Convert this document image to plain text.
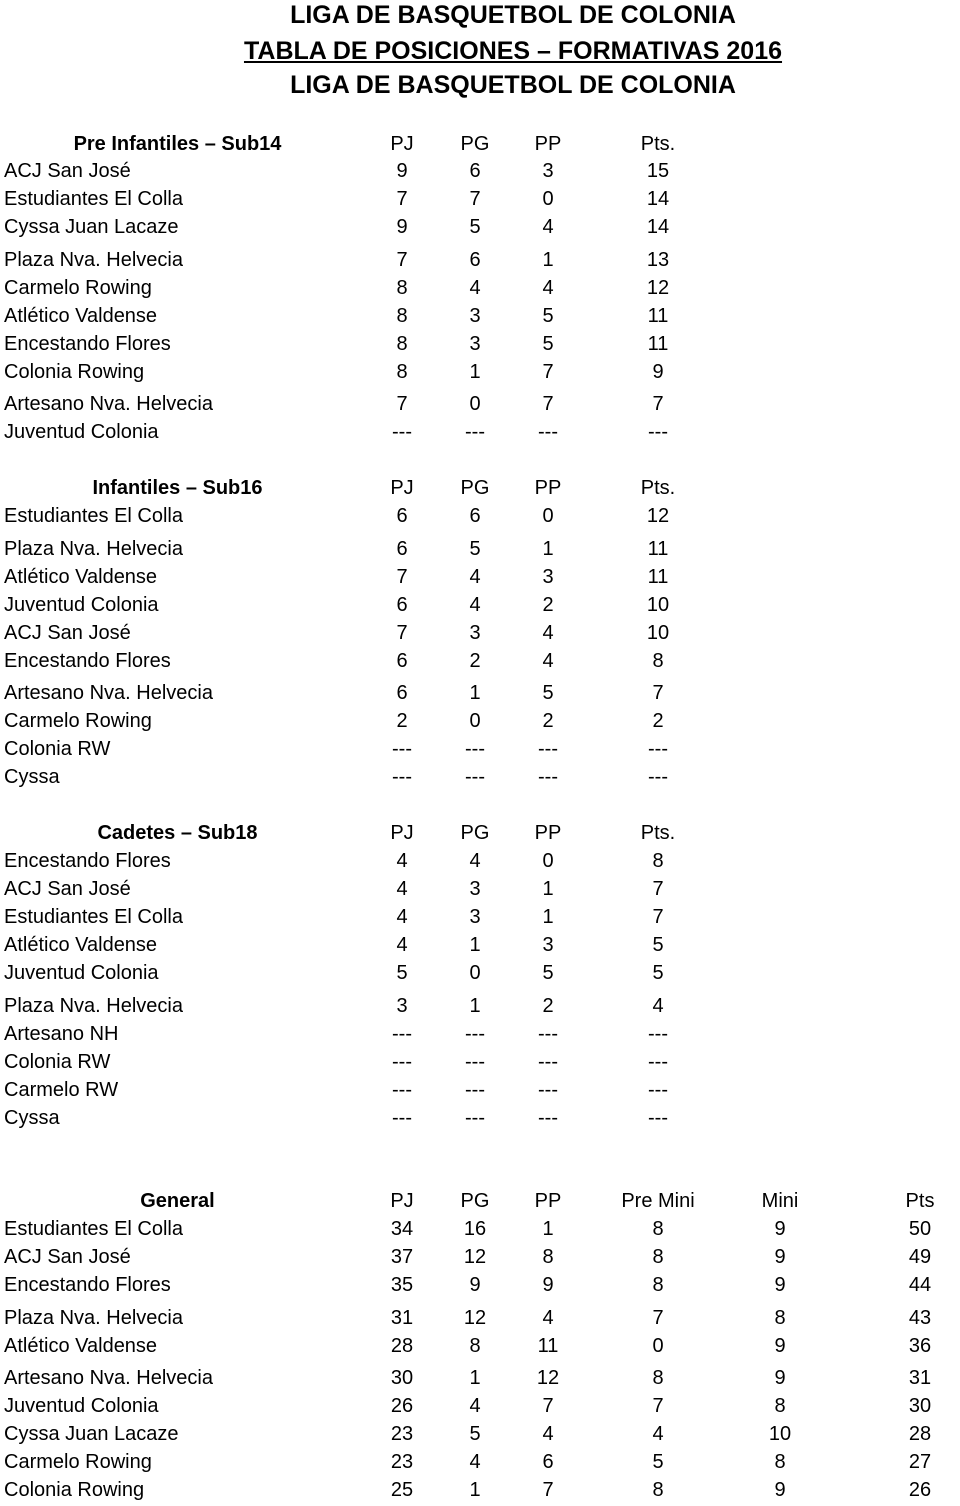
LIGA DE BASQUETBOL DE COLONIA
TABLA DE POSICIONES – FORMATIVAS 2016
LIGA DE BASQUETBOL DE COLONIA
Pre Infantiles – Sub14	PJ	PG	PP	Pts.
ACJ San José	9	6	3	15
Estudiantes El Colla	7	7	0	14
Cyssa Juan Lacaze	9	5	4	14
Plaza Nva. Helvecia	7	6	1	13
Carmelo Rowing	8	4	4	12
Atlético Valdense	8	3	5	11
Encestando Flores	8	3	5	11
Colonia Rowing	8	1	7	9
Artesano Nva. Helvecia	7	0	7	7
Juventud Colonia	---	---	---	---
Infantiles – Sub16	PJ	PG	PP	Pts.
Estudiantes El Colla	6	6	0	12
Plaza Nva. Helvecia	6	5	1	11
Atlético Valdense	7	4	3	11
Juventud Colonia	6	4	2	10
ACJ San José	7	3	4	10
Encestando Flores	6	2	4	8
Artesano Nva. Helvecia	6	1	5	7
Carmelo Rowing	2	0	2	2
Colonia RW	---	---	---	---
Cyssa	---	---	---	---
Cadetes – Sub18	PJ	PG	PP	Pts.
Encestando Flores	4	4	0	8
ACJ San José	4	3	1	7
Estudiantes El Colla	4	3	1	7
Atlético Valdense	4	1	3	5
Juventud Colonia	5	0	5	5
Plaza Nva. Helvecia	3	1	2	4
Artesano NH	---	---	---	---
Colonia RW	---	---	---	---
Carmelo RW	---	---	---	---
Cyssa	---	---	---	---
General	PJ	PG	PP	Pre Mini	Mini	Pts
Estudiantes El Colla	34	16	1	8	9	50
ACJ San José	37	12	8	8	9	49
Encestando Flores	35	9	9	8	9	44
Plaza Nva. Helvecia	31	12	4	7	8	43
Atlético Valdense	28	8	11	0	9	36
Artesano Nva. Helvecia	30	1	12	8	9	31
Juventud Colonia	26	4	7	7	8	30
Cyssa Juan Lacaze	23	5	4	4	10	28
Carmelo Rowing	23	4	6	5	8	27
Colonia Rowing	25	1	7	8	9	26
